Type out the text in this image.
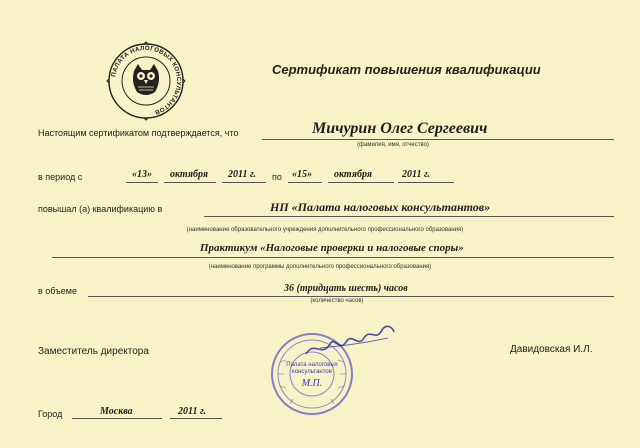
ПАЛАТА НАЛОГОВЫХ КОНСУЛЬТАНТОВ
Сертификат повышения квалификации
Настоящим сертификатом подтверждается, что	Мичурин Олег Сергеевич
(фамилия, имя, отчество)
в период с	«13» октября 2011 г. по «15» октября	2011 г.
повышал (а) квалификацию в	НП «Палата налоговых консультантов»
(наименование образовательного учреждения дополнительного профессионального образования)
Практикум «Налоговые проверки и налоговые споры»
(наименование программы дополнительного профессионального образования)
в объеме	36 (тридцать шесть) часов
(количество часов)
Заместитель директора	Давидовская И.Л.
Палата налоговых
консультантов
М.П.
Город	Москва	2011 г.
